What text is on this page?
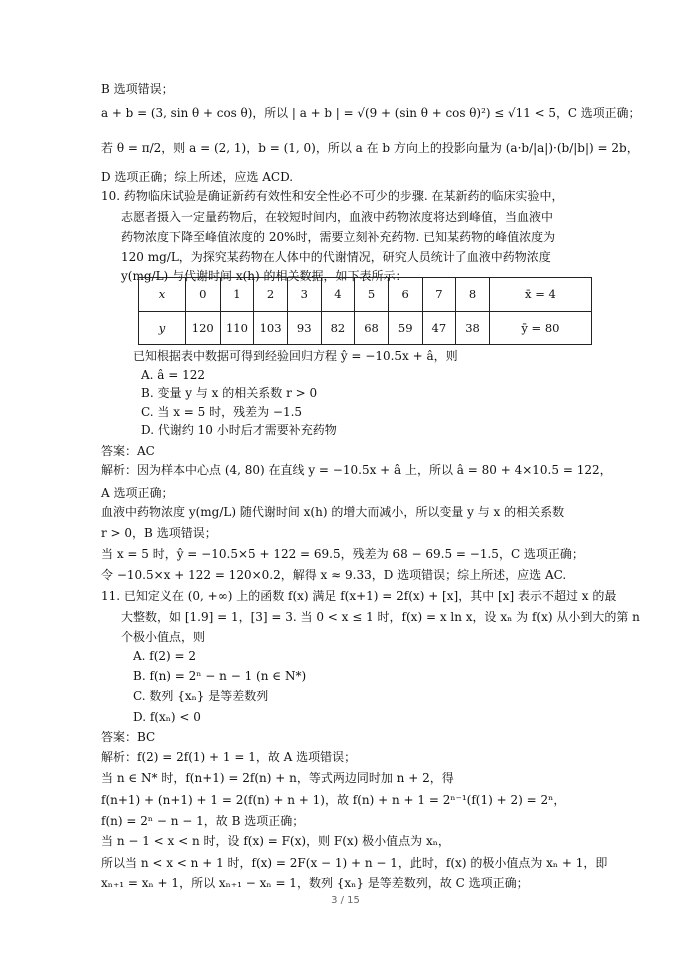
B 选项错误；
a + b = (3, sin θ + cos θ)，所以 | a + b | = √(9 + (sin θ + cos θ)²) ≤ √11 < 5，C 选项正确；
若 θ = π/2，则 a = (2, 1)，b = (1, 0)，所以 a 在 b 方向上的投影向量为 (a·b/|a|)·(b/|b|) = 2b，
D 选项正确；综上所述，应选 ACD.
10. 药物临床试验是确证新药有效性和安全性必不可少的步骤. 在某新药的临床实验中，
志愿者摄入一定量药物后，在较短时间内，血液中药物浓度将达到峰值，当血液中
药物浓度下降至峰值浓度的 20%时，需要立刻补充药物. 已知某药物的峰值浓度为
120 mg/L，为探究某药物在人体中的代谢情况，研究人员统计了血液中药物浓度
y(mg/L) 与代谢时间 x(h) 的相关数据，如下表所示：
x	0	1	2	3	4	5	6	7	8	x̄ = 4
y	120	110	103	93	82	68	59	47	38	ȳ = 80
已知根据表中数据可得到经验回归方程 ŷ = −10.5x + â，则
A. â = 122
B. 变量 y 与 x 的相关系数 r > 0
C. 当 x = 5 时，残差为 −1.5
D. 代谢约 10 小时后才需要补充药物
答案：AC
解析：因为样本中心点 (4, 80) 在直线 y = −10.5x + â 上，所以 â = 80 + 4×10.5 = 122，
A 选项正确；
血液中药物浓度 y(mg/L) 随代谢时间 x(h) 的增大而减小，所以变量 y 与 x 的相关系数
r > 0，B 选项错误；
当 x = 5 时，ŷ = −10.5×5 + 122 = 69.5，残差为 68 − 69.5 = −1.5，C 选项正确；
令 −10.5×x + 122 = 120×0.2，解得 x ≈ 9.33，D 选项错误；综上所述，应选 AC.
11. 已知定义在 (0, +∞) 上的函数 f(x) 满足 f(x+1) = 2f(x) + [x]，其中 [x] 表示不超过 x 的最
大整数，如 [1.9] = 1，[3] = 3. 当 0 < x ≤ 1 时，f(x) = x ln x，设 xₙ 为 f(x) 从小到大的第 n
个极小值点，则
A. f(2) = 2
B. f(n) = 2ⁿ − n − 1 (n ∈ N*)
C. 数列 {xₙ} 是等差数列
D. f(xₙ) < 0
答案：BC
解析：f(2) = 2f(1) + 1 = 1，故 A 选项错误；
当 n ∈ N* 时，f(n+1) = 2f(n) + n，等式两边同时加 n + 2，得
f(n+1) + (n+1) + 1 = 2(f(n) + n + 1)，故 f(n) + n + 1 = 2ⁿ⁻¹(f(1) + 2) = 2ⁿ，
f(n) = 2ⁿ − n − 1，故 B 选项正确；
当 n − 1 < x < n 时，设 f(x) = F(x)，则 F(x) 极小值点为 xₙ，
所以当 n < x < n + 1 时，f(x) = 2F(x − 1) + n − 1，此时，f(x) 的极小值点为 xₙ + 1，即
xₙ₊₁ = xₙ + 1，所以 xₙ₊₁ − xₙ = 1，数列 {xₙ} 是等差数列，故 C 选项正确；
3 / 15
